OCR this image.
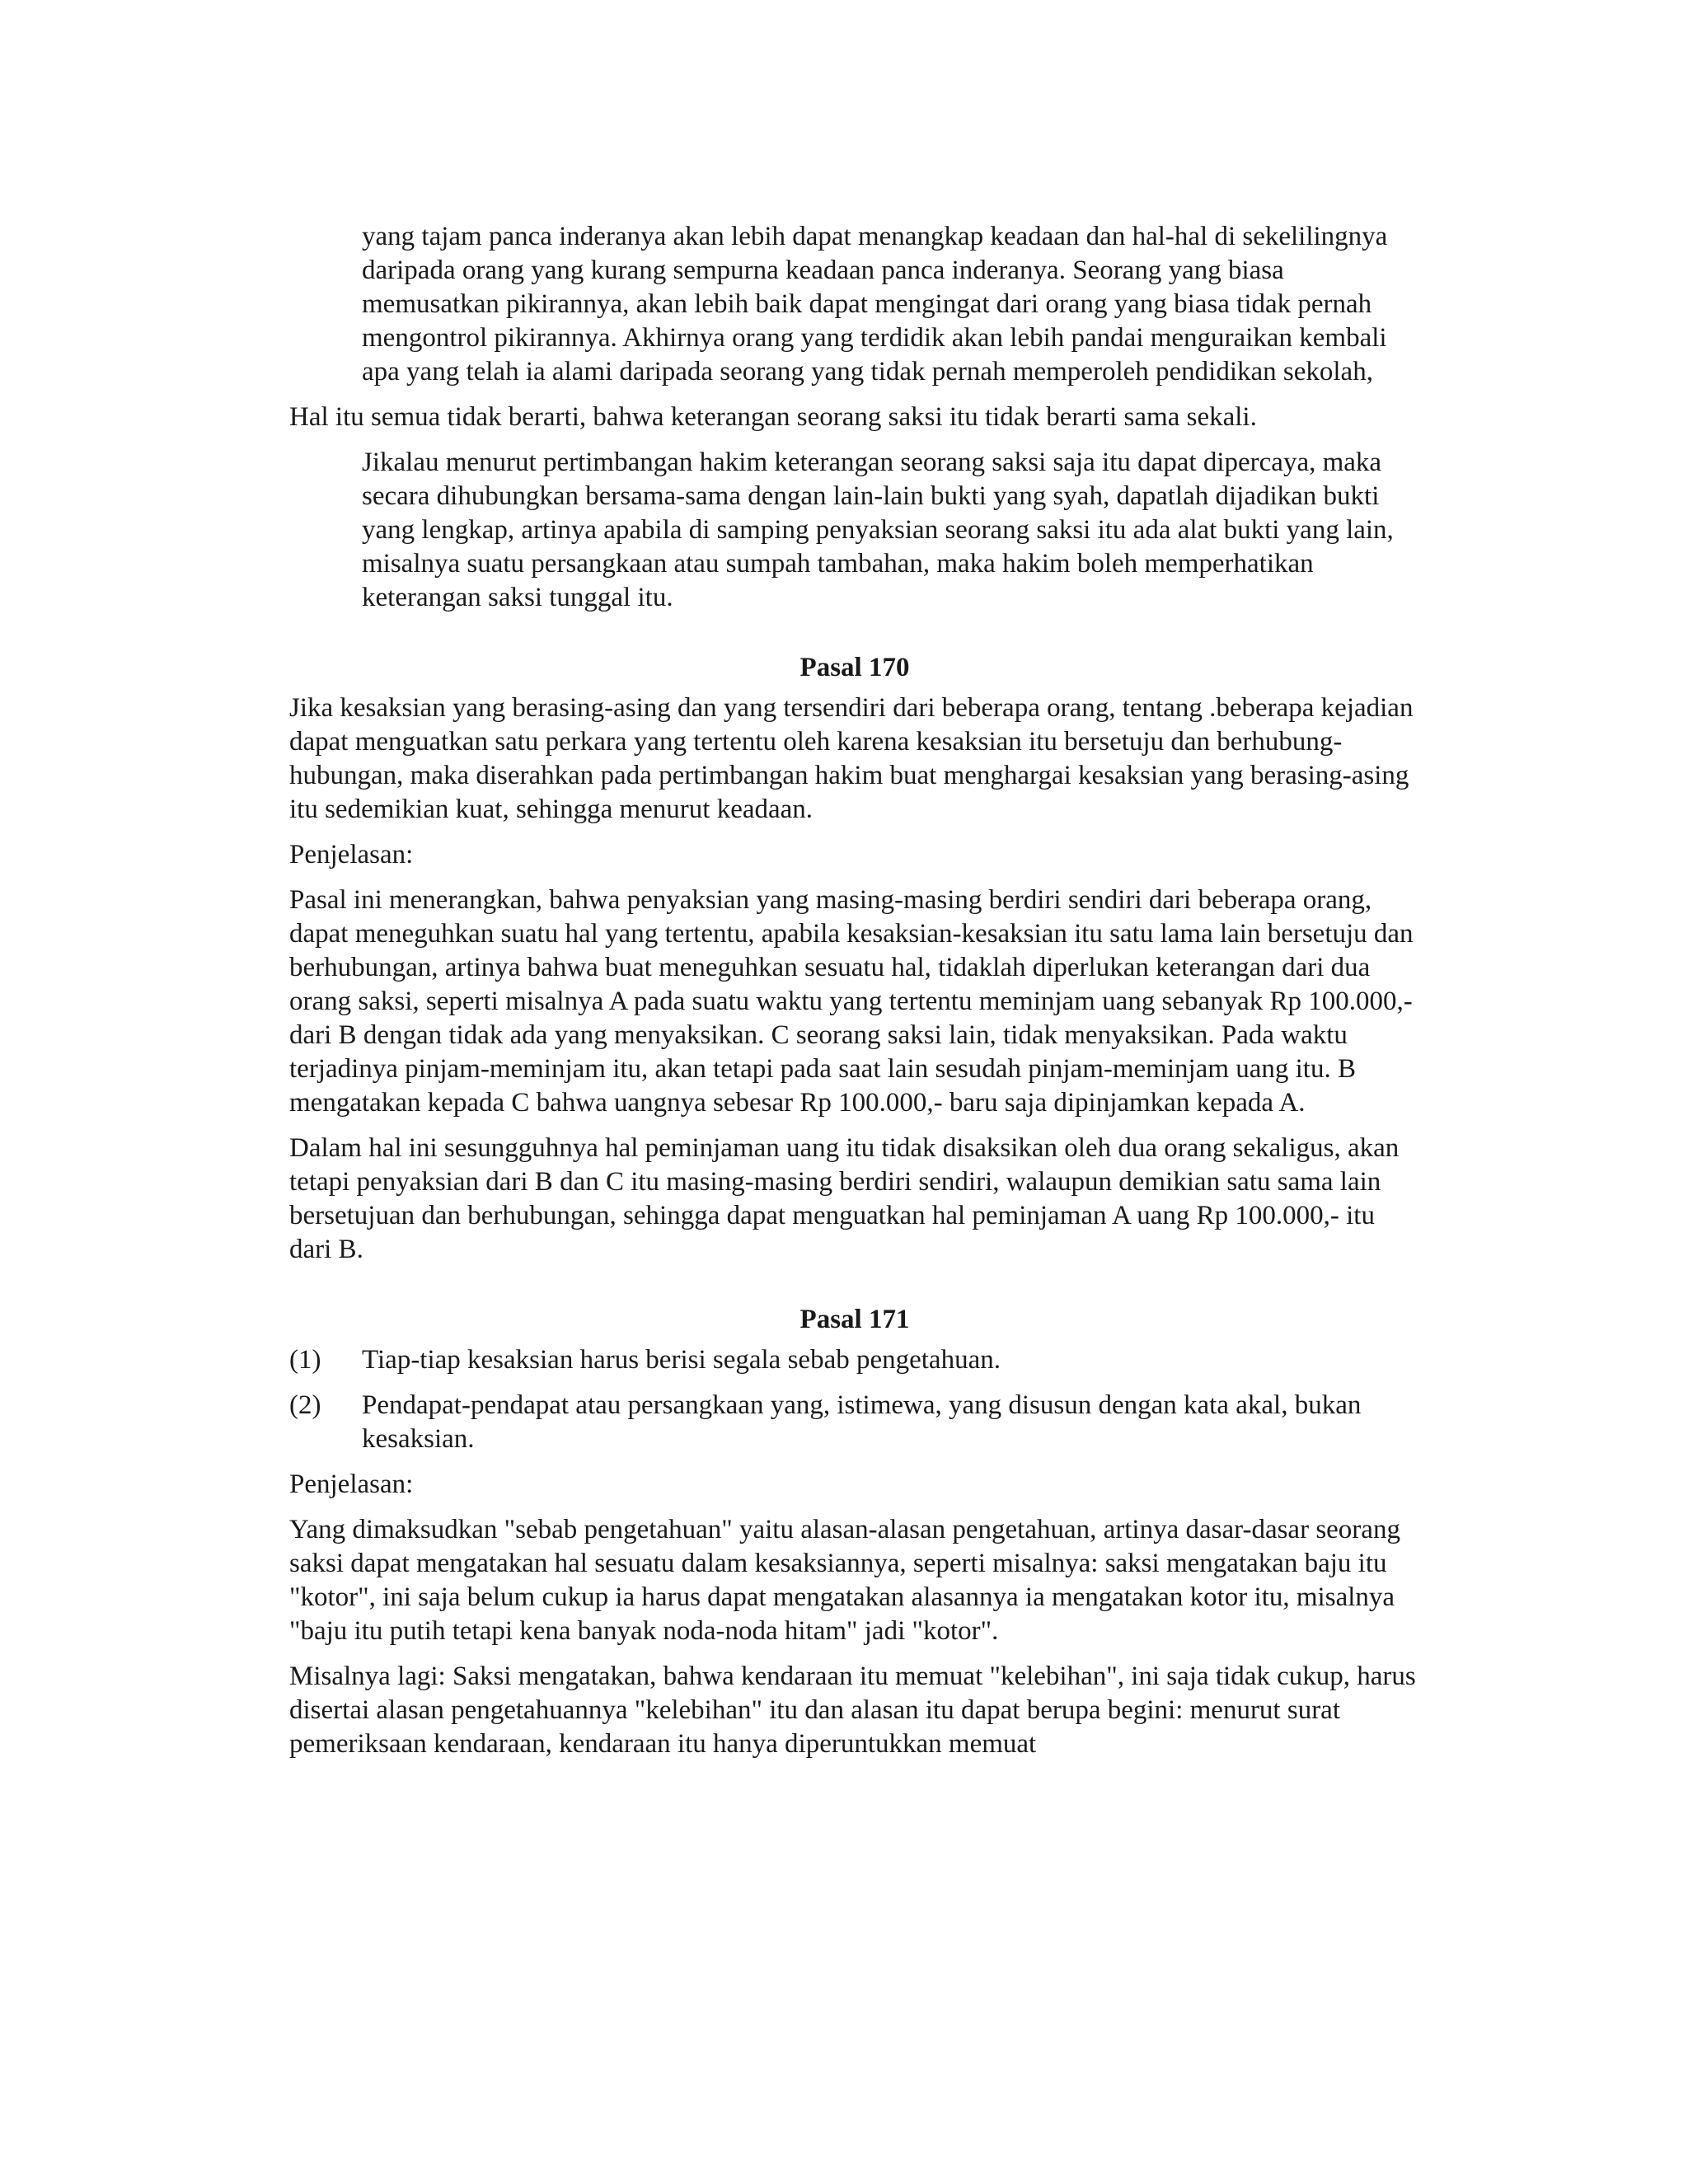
yang tajam panca inderanya akan lebih dapat menangkap keadaan dan hal-hal di sekelilingnya daripada orang yang kurang sempurna keadaan panca inderanya. Seorang yang biasa memusatkan pikirannya, akan lebih baik dapat mengingat dari orang yang biasa tidak pernah mengontrol pikirannya. Akhirnya orang yang terdidik akan lebih pandai menguraikan kembali apa yang telah ia alami daripada seorang yang tidak pernah memperoleh pendidikan sekolah,

Hal itu semua tidak berarti, bahwa keterangan seorang saksi itu tidak berarti sama sekali.

Jikalau menurut pertimbangan hakim keterangan seorang saksi saja itu dapat dipercaya, maka secara dihubungkan bersama-sama dengan lain-lain bukti yang syah, dapatlah dijadikan bukti yang lengkap, artinya apabila di samping penyaksian seorang saksi itu ada alat bukti yang lain, misalnya suatu persangkaan atau sumpah tambahan, maka hakim boleh memperhatikan keterangan saksi tunggal itu.

Pasal 170

Jika kesaksian yang berasing-asing dan yang tersendiri dari beberapa orang, tentang .beberapa kejadian dapat menguatkan satu perkara yang tertentu oleh karena kesaksian itu bersetuju dan berhubung-hubungan, maka diserahkan pada pertimbangan hakim buat menghargai kesaksian yang berasing-asing itu sedemikian kuat, sehingga menurut keadaan.

Penjelasan:

Pasal ini menerangkan, bahwa penyaksian yang masing-masing berdiri sendiri dari beberapa orang, dapat meneguhkan suatu hal yang tertentu, apabila kesaksian-kesaksian itu satu lama lain bersetuju dan berhubungan, artinya bahwa buat meneguhkan sesuatu hal, tidaklah diperlukan keterangan dari dua orang saksi, seperti misalnya A pada suatu waktu yang tertentu meminjam uang sebanyak Rp 100.000,- dari B dengan tidak ada yang menyaksikan. C seorang saksi lain, tidak menyaksikan. Pada waktu terjadinya pinjam-meminjam itu, akan tetapi pada saat lain sesudah pinjam-meminjam uang itu. B mengatakan kepada C bahwa uangnya sebesar Rp 100.000,- baru saja dipinjamkan kepada A.

Dalam hal ini sesungguhnya hal peminjaman uang itu tidak disaksikan oleh dua orang sekaligus, akan tetapi penyaksian dari B dan C itu masing-masing berdiri sendiri, walaupun demikian satu sama lain bersetujuan dan berhubungan, sehingga dapat menguatkan hal peminjaman A uang Rp 100.000,- itu dari B.

Pasal 171
(1)	Tiap-tiap kesaksian harus berisi segala sebab pengetahuan.
(2)	Pendapat-pendapat atau persangkaan yang, istimewa, yang disusun dengan kata akal, bukan kesaksian.

Penjelasan:

Yang dimaksudkan "sebab pengetahuan" yaitu alasan-alasan pengetahuan, artinya dasar-dasar seorang saksi dapat mengatakan hal sesuatu dalam kesaksiannya, seperti misalnya: saksi mengatakan baju itu "kotor", ini saja belum cukup ia harus dapat mengatakan alasannya ia mengatakan kotor itu, misalnya "baju itu putih tetapi kena banyak noda-noda hitam" jadi "kotor".

Misalnya lagi: Saksi mengatakan, bahwa kendaraan itu memuat "kelebihan", ini saja tidak cukup, harus disertai alasan pengetahuannya "kelebihan" itu dan alasan itu dapat berupa begini: menurut surat pemeriksaan kendaraan, kendaraan itu hanya diperuntukkan memuat
